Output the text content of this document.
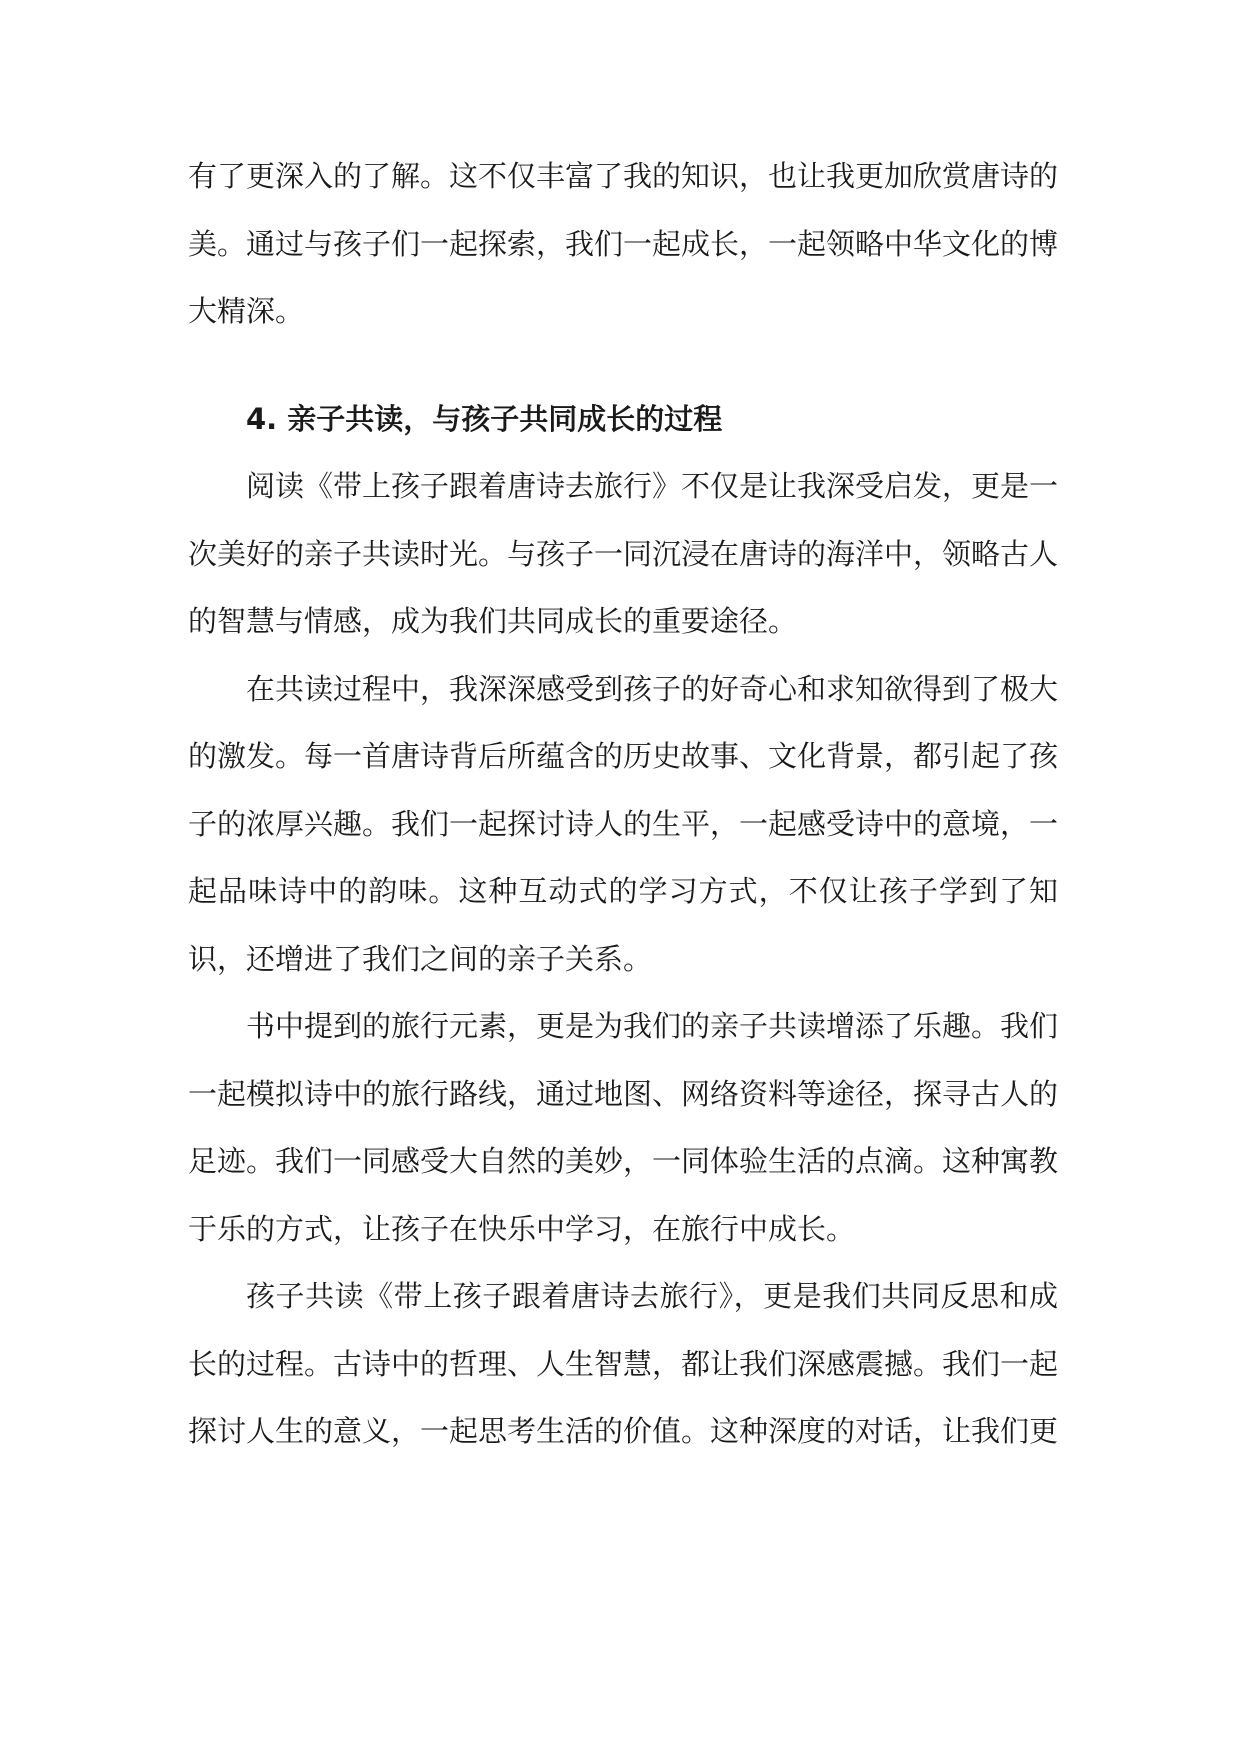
有了更深入的了解。这不仅丰富了我的知识，也让我更加欣赏唐诗的美。通过与孩子们一起探索，我们一起成长，一起领略中华文化的博大精深。

4. 亲子共读，与孩子共同成长的过程

阅读《带上孩子跟着唐诗去旅行》不仅是让我深受启发，更是一次美好的亲子共读时光。与孩子一同沉浸在唐诗的海洋中，领略古人的智慧与情感，成为我们共同成长的重要途径。

在共读过程中，我深深感受到孩子的好奇心和求知欲得到了极大的激发。每一首唐诗背后所蕴含的历史故事、文化背景，都引起了孩子的浓厚兴趣。我们一起探讨诗人的生平，一起感受诗中的意境，一起品味诗中的韵味。这种互动式的学习方式，不仅让孩子学到了知识，还增进了我们之间的亲子关系。

书中提到的旅行元素，更是为我们的亲子共读增添了乐趣。我们一起模拟诗中的旅行路线，通过地图、网络资料等途径，探寻古人的足迹。我们一同感受大自然的美妙，一同体验生活的点滴。这种寓教于乐的方式，让孩子在快乐中学习，在旅行中成长。

孩子共读《带上孩子跟着唐诗去旅行》，更是我们共同反思和成长的过程。古诗中的哲理、人生智慧，都让我们深感震撼。我们一起探讨人生的意义，一起思考生活的价值。这种深度的对话，让我们更
